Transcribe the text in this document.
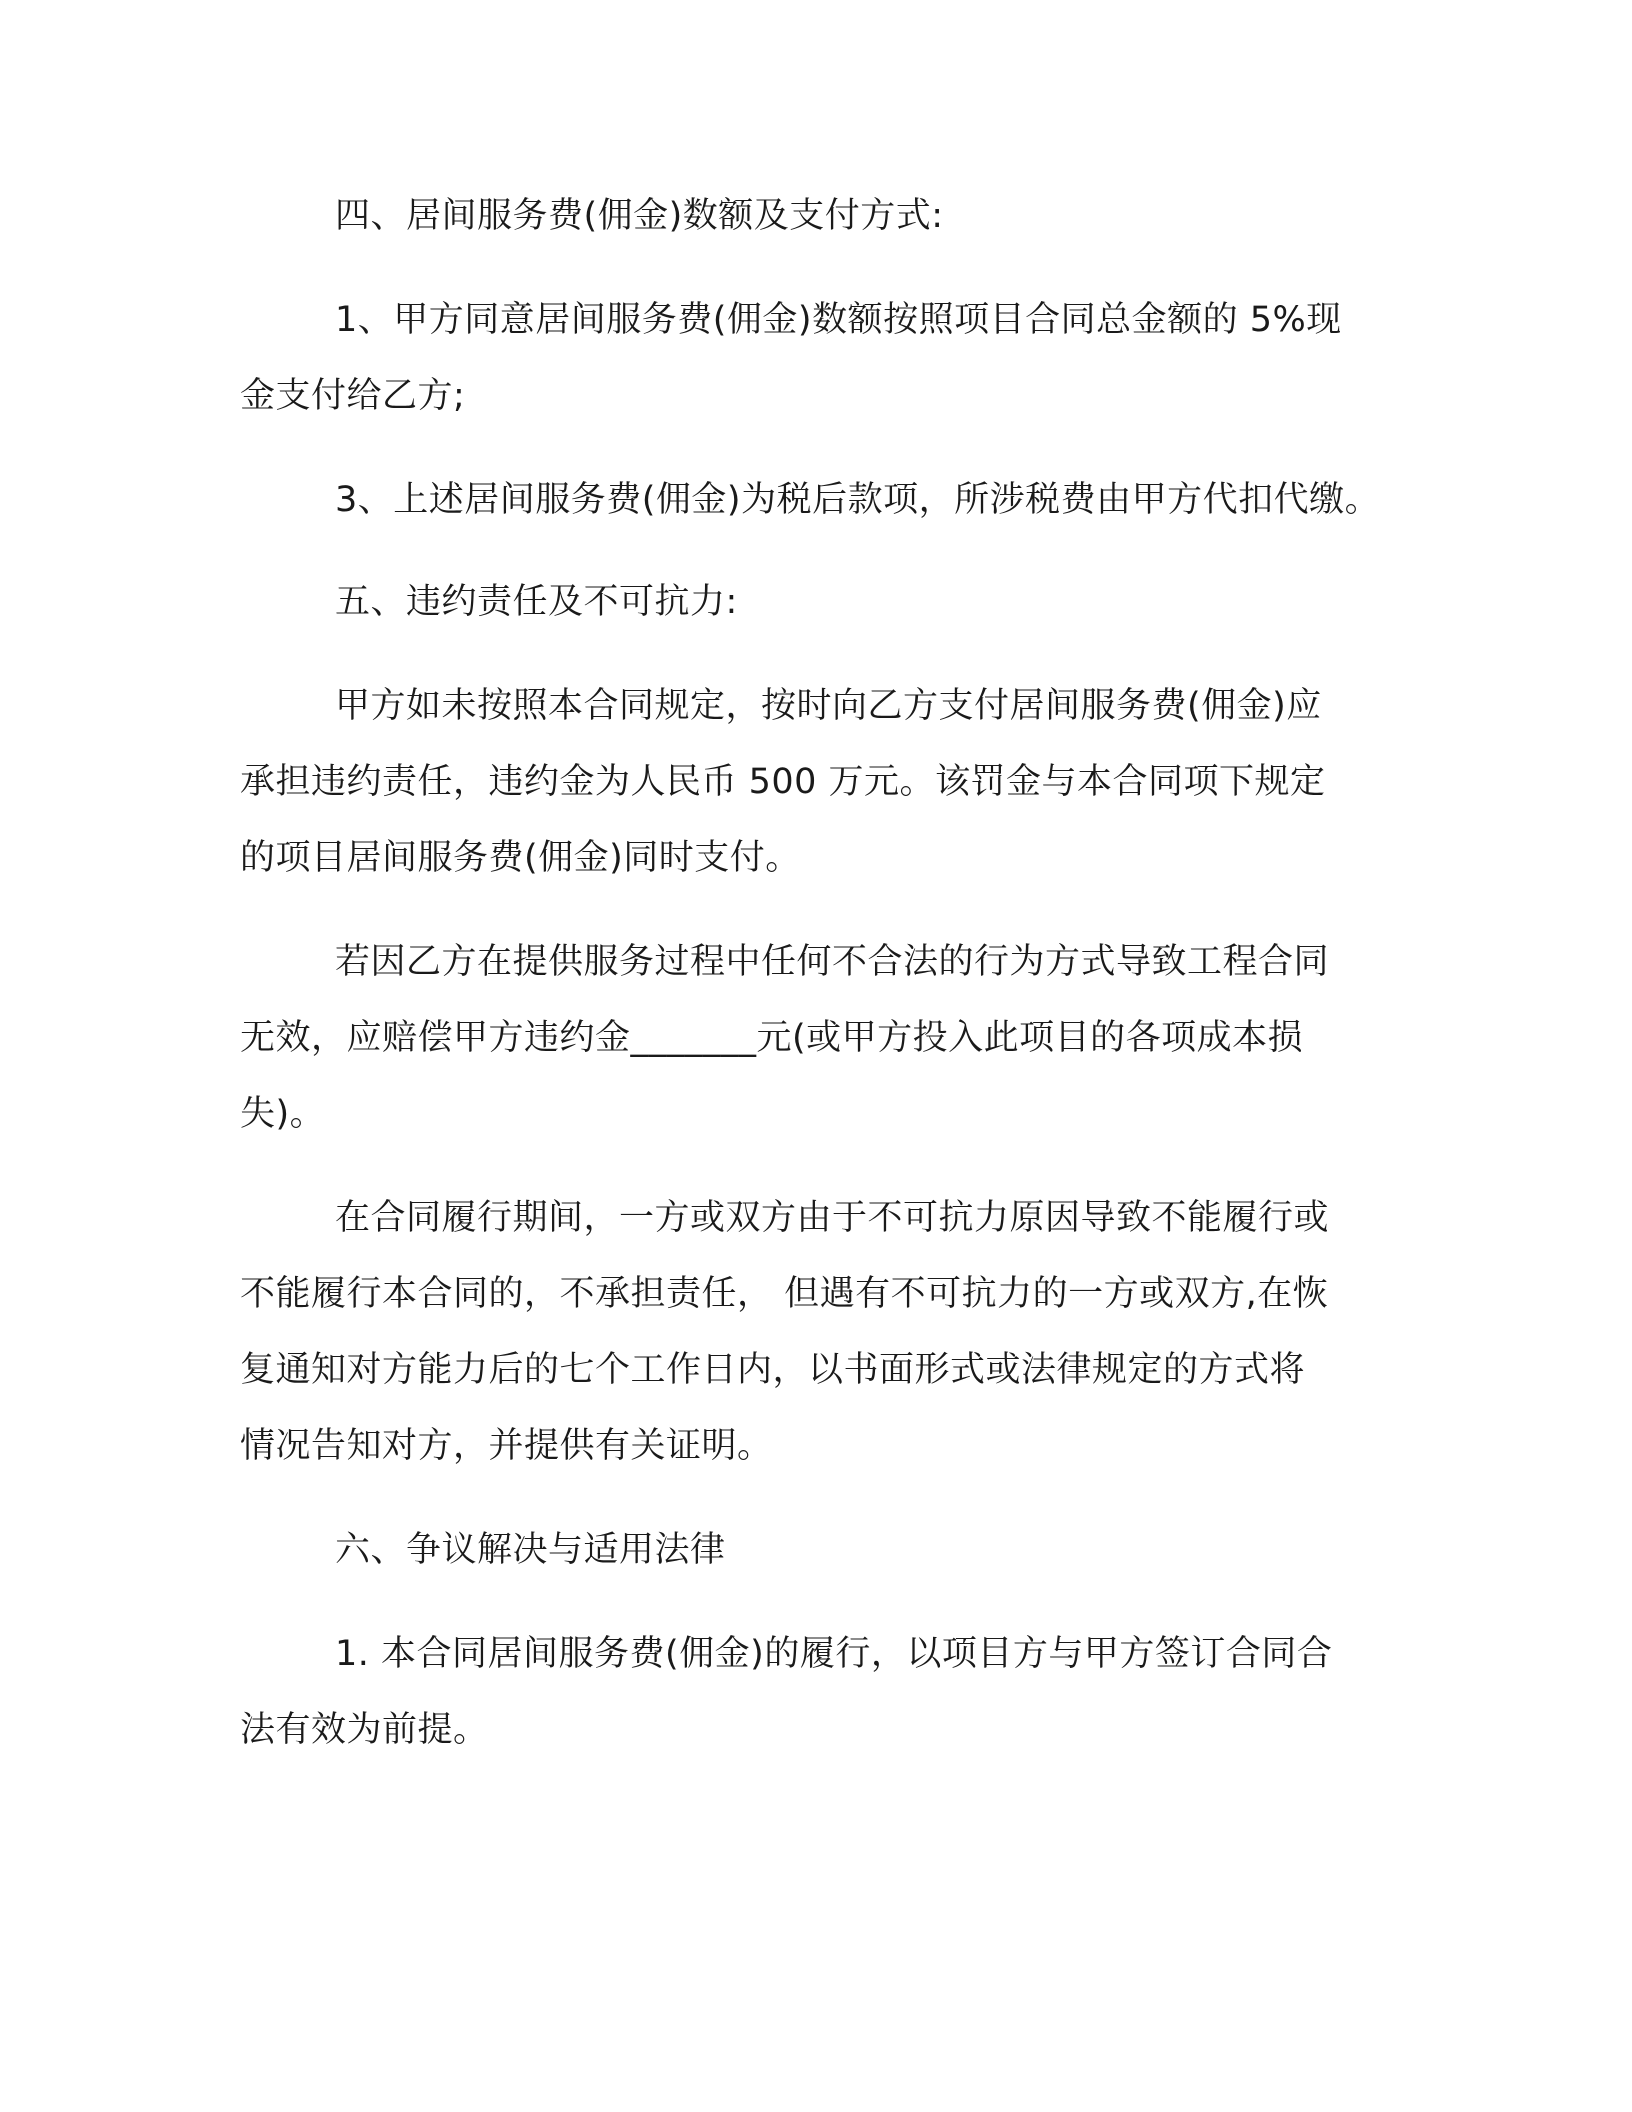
四、居间服务费(佣金)数额及支付方式:
1、甲方同意居间服务费(佣金)数额按照项目合同总金额的 5%现
金支付给乙方;
3、上述居间服务费(佣金)为税后款项，所涉税费由甲方代扣代缴。
五、违约责任及不可抗力:
甲方如未按照本合同规定，按时向乙方支付居间服务费(佣金)应
承担违约责任，违约金为人民币 500 万元。该罚金与本合同项下规定
的项目居间服务费(佣金)同时支付。
若因乙方在提供服务过程中任何不合法的行为方式导致工程合同
无效，应赔偿甲方违约金_______元(或甲方投入此项目的各项成本损
失)。
在合同履行期间，一方或双方由于不可抗力原因导致不能履行或
不能履行本合同的，不承担责任， 但遇有不可抗力的一方或双方,在恢
复通知对方能力后的七个工作日内，以书面形式或法律规定的方式将
情况告知对方，并提供有关证明。
六、争议解决与适用法律
1. 本合同居间服务费(佣金)的履行，以项目方与甲方签订合同合
法有效为前提。
